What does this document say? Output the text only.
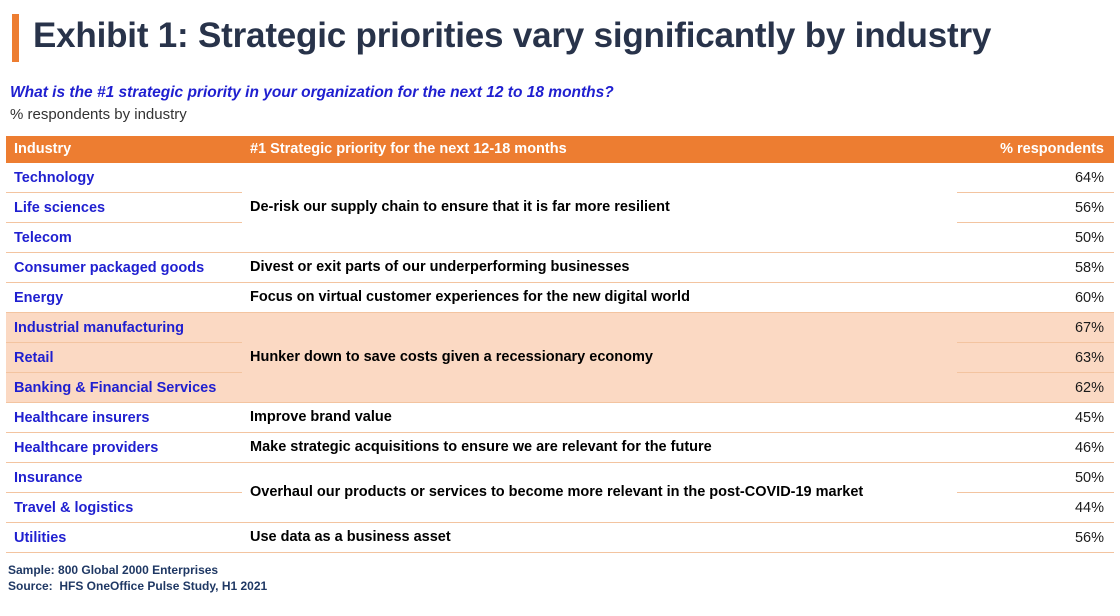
Exhibit 1: Strategic priorities vary significantly by industry
What is the #1 strategic priority in your organization for the next 12 to 18 months?
% respondents by industry
Industry	#1 Strategic priority for the next 12-18 months	% respondents
Technology	De-risk our supply chain to ensure that it is far more resilient	64%
Life sciences		56%
Telecom		50%
Consumer packaged goods	Divest or exit parts of our underperforming businesses	58%
Energy	Focus on virtual customer experiences for the new digital world	60%
Industrial manufacturing	Hunker down to save costs given a recessionary economy	67%
Retail		63%
Banking & Financial Services		62%
Healthcare insurers	Improve brand value	45%
Healthcare providers	Make strategic acquisitions to ensure we are relevant for the future	46%
Insurance	Overhaul our products or services to become more relevant in the post-COVID-19 market	50%
Travel & logistics		44%
Utilities	Use data as a business asset	56%
Sample: 800 Global 2000 Enterprises
Source:  HFS OneOffice Pulse Study, H1 2021
